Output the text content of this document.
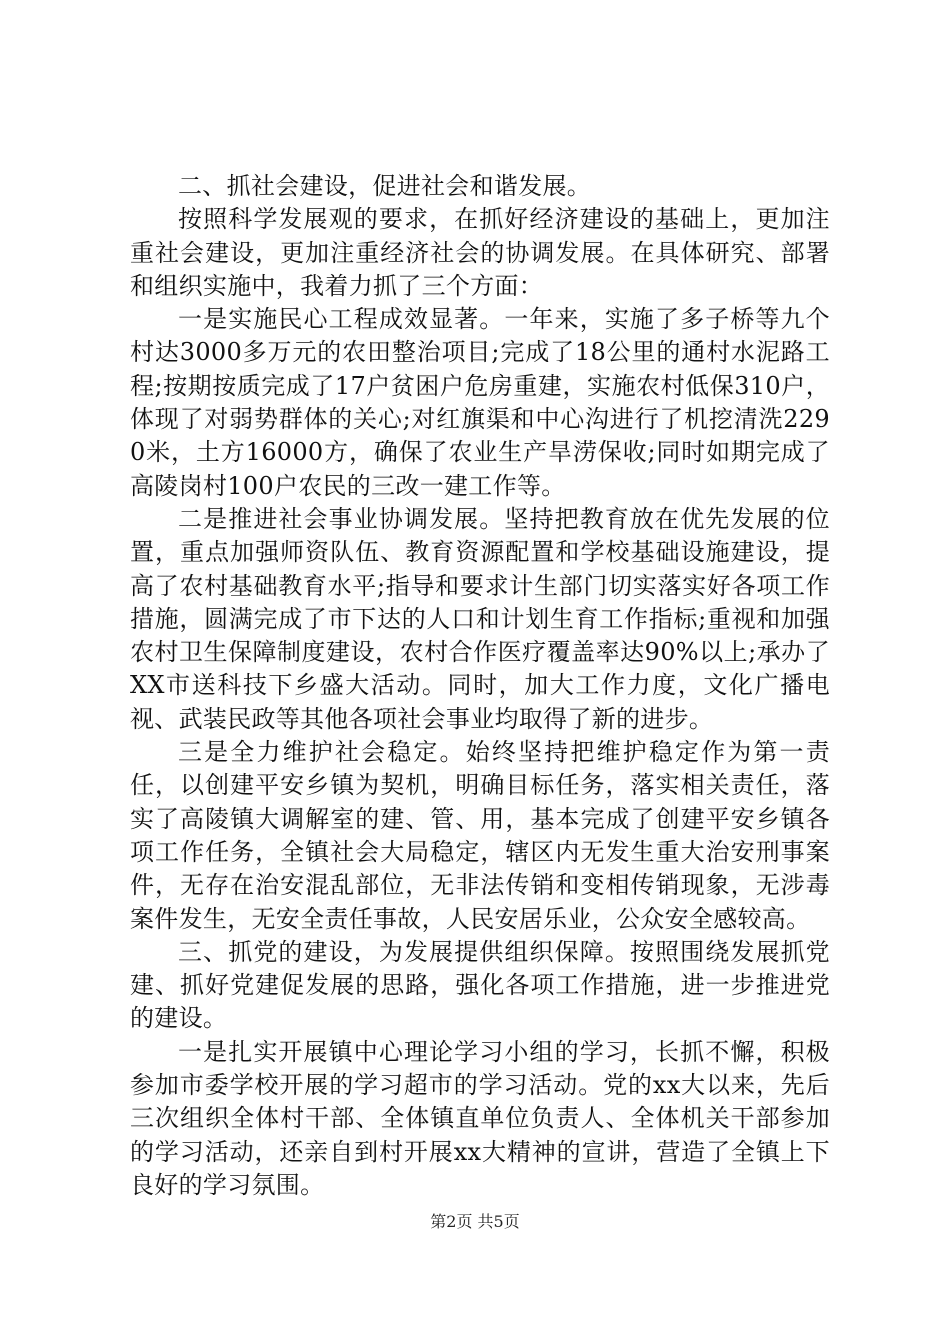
二、抓社会建设，促进社会和谐发展。

按照科学发展观的要求，在抓好经济建设的基础上，更加注重社会建设，更加注重经济社会的协调发展。在具体研究、部署和组织实施中，我着力抓了三个方面：

一是实施民心工程成效显著。一年来，实施了多子桥等九个村达3000多万元的农田整治项目;完成了18公里的通村水泥路工程;按期按质完成了17户贫困户危房重建，实施农村低保310户，体现了对弱势群体的关心;对红旗渠和中心沟进行了机挖清洗2290米，土方16000方，确保了农业生产旱涝保收;同时如期完成了高陵岗村100户农民的三改一建工作等。

二是推进社会事业协调发展。坚持把教育放在优先发展的位置，重点加强师资队伍、教育资源配置和学校基础设施建设，提高了农村基础教育水平;指导和要求计生部门切实落实好各项工作措施，圆满完成了市下达的人口和计划生育工作指标;重视和加强农村卫生保障制度建设，农村合作医疗覆盖率达90%以上;承办了XX市送科技下乡盛大活动。同时，加大工作力度，文化广播电视、武装民政等其他各项社会事业均取得了新的进步。

三是全力维护社会稳定。始终坚持把维护稳定作为第一责任，以创建平安乡镇为契机，明确目标任务，落实相关责任，落实了高陵镇大调解室的建、管、用，基本完成了创建平安乡镇各项工作任务，全镇社会大局稳定，辖区内无发生重大治安刑事案件，无存在治安混乱部位，无非法传销和变相传销现象，无涉毒案件发生，无安全责任事故，人民安居乐业，公众安全感较高。

三、抓党的建设，为发展提供组织保障。按照围绕发展抓党建、抓好党建促发展的思路，强化各项工作措施，进一步推进党的建设。

一是扎实开展镇中心理论学习小组的学习，长抓不懈，积极参加市委学校开展的学习超市的学习活动。党的xx大以来，先后三次组织全体村干部、全体镇直单位负责人、全体机关干部参加的学习活动，还亲自到村开展xx大精神的宣讲，营造了全镇上下良好的学习氛围。

第2页 共5页
